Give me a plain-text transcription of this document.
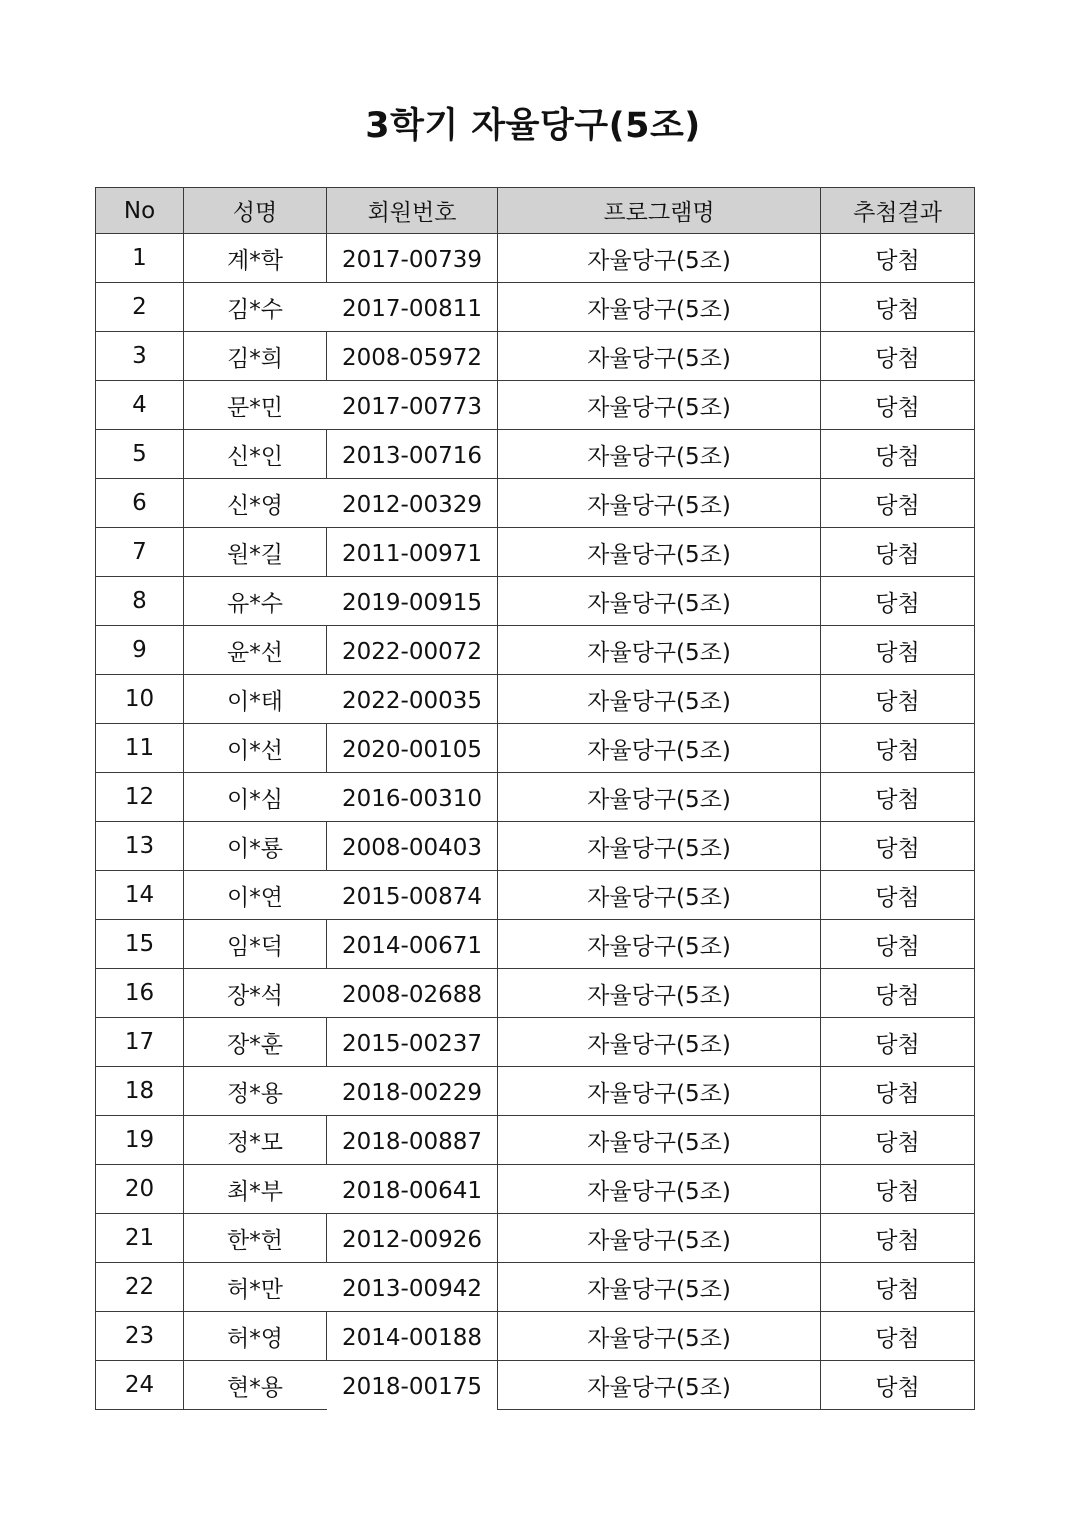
3학기 자율당구(5조)
No	성명	회원번호	프로그램명	추첨결과
1	계*학	2017-00739	자율당구(5조)	당첨
2	김*수	2017-00811	자율당구(5조)	당첨
3	김*희	2008-05972	자율당구(5조)	당첨
4	문*민	2017-00773	자율당구(5조)	당첨
5	신*인	2013-00716	자율당구(5조)	당첨
6	신*영	2012-00329	자율당구(5조)	당첨
7	원*길	2011-00971	자율당구(5조)	당첨
8	유*수	2019-00915	자율당구(5조)	당첨
9	윤*선	2022-00072	자율당구(5조)	당첨
10	이*태	2022-00035	자율당구(5조)	당첨
11	이*선	2020-00105	자율당구(5조)	당첨
12	이*심	2016-00310	자율당구(5조)	당첨
13	이*룡	2008-00403	자율당구(5조)	당첨
14	이*연	2015-00874	자율당구(5조)	당첨
15	임*덕	2014-00671	자율당구(5조)	당첨
16	장*석	2008-02688	자율당구(5조)	당첨
17	장*훈	2015-00237	자율당구(5조)	당첨
18	정*용	2018-00229	자율당구(5조)	당첨
19	정*모	2018-00887	자율당구(5조)	당첨
20	최*부	2018-00641	자율당구(5조)	당첨
21	한*헌	2012-00926	자율당구(5조)	당첨
22	허*만	2013-00942	자율당구(5조)	당첨
23	허*영	2014-00188	자율당구(5조)	당첨
24	현*용	2018-00175	자율당구(5조)	당첨
